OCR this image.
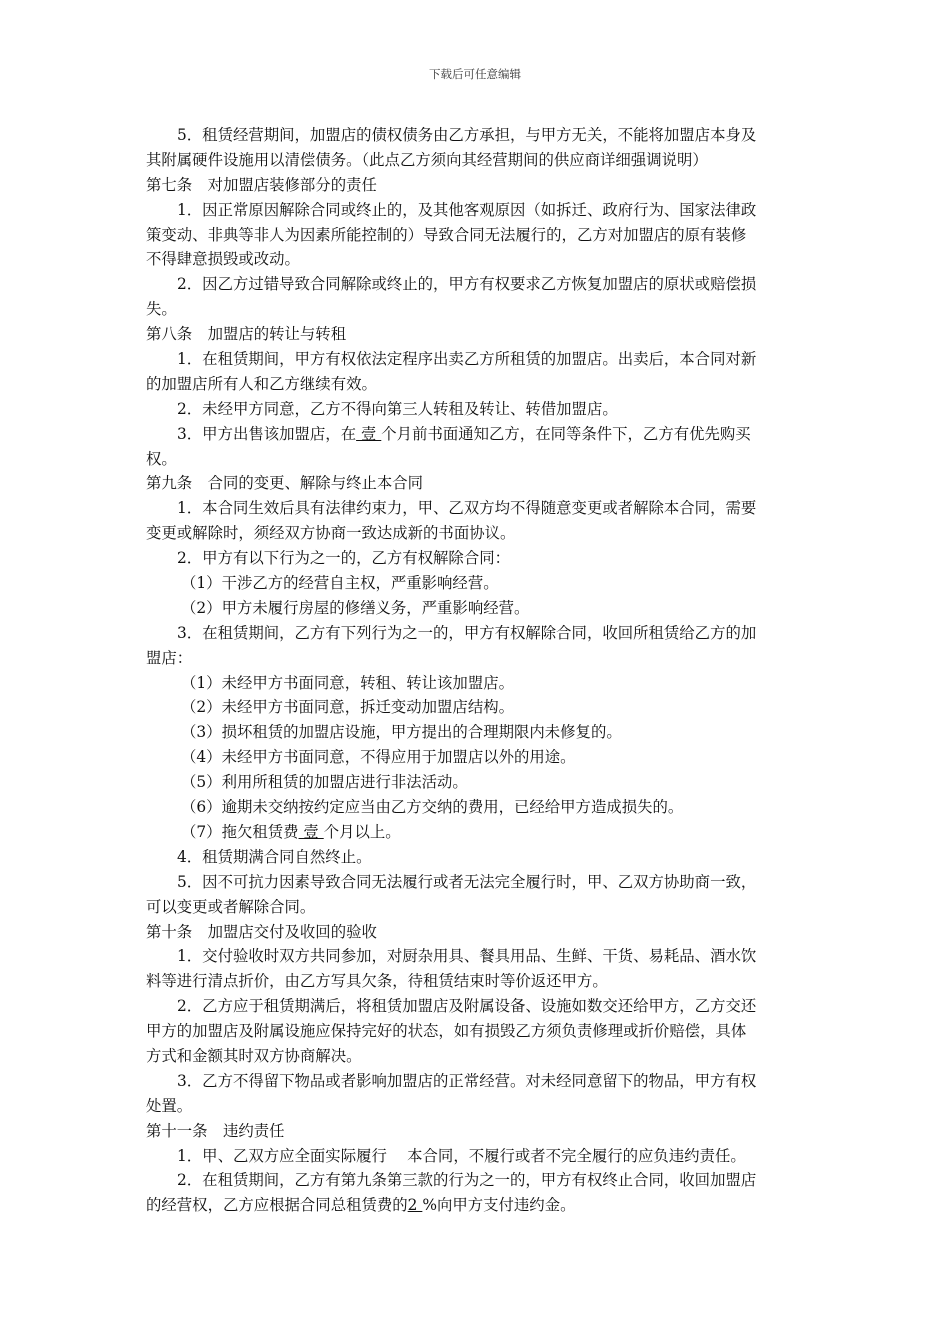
下载后可任意编辑
5．租赁经营期间，加盟店的债权债务由乙方承担，与甲方无关，不能将加盟店本身及
其附属硬件设施用以清偿债务。（此点乙方须向其经营期间的供应商详细强调说明）
第七条　对加盟店装修部分的责任
1．因正常原因解除合同或终止的，及其他客观原因（如拆迁、政府行为、国家法律政
策变动、非典等非人为因素所能控制的）导致合同无法履行的，乙方对加盟店的原有装修
不得肆意损毁或改动。
2．因乙方过错导致合同解除或终止的，甲方有权要求乙方恢复加盟店的原状或赔偿损
失。
第八条　加盟店的转让与转租
1．在租赁期间，甲方有权依法定程序出卖乙方所租赁的加盟店。出卖后，本合同对新
的加盟店所有人和乙方继续有效。
2．未经甲方同意，乙方不得向第三人转租及转让、转借加盟店。
3．甲方出售该加盟店，在 壹 个月前书面通知乙方，在同等条件下，乙方有优先购买
权。
第九条　合同的变更、解除与终止本合同
1．本合同生效后具有法律约束力，甲、乙双方均不得随意变更或者解除本合同，需要
变更或解除时，须经双方协商一致达成新的书面协议。
2．甲方有以下行为之一的，乙方有权解除合同：
（1）干涉乙方的经营自主权，严重影响经营。
（2）甲方未履行房屋的修缮义务，严重影响经营。
3．在租赁期间，乙方有下列行为之一的，甲方有权解除合同，收回所租赁给乙方的加
盟店：
（1）未经甲方书面同意，转租、转让该加盟店。
（2）未经甲方书面同意，拆迁变动加盟店结构。
（3）损坏租赁的加盟店设施，甲方提出的合理期限内未修复的。
（4）未经甲方书面同意，不得应用于加盟店以外的用途。
（5）利用所租赁的加盟店进行非法活动。
（6）逾期未交纳按约定应当由乙方交纳的费用，已经给甲方造成损失的。
（7）拖欠租赁费 壹 个月以上。
4．租赁期满合同自然终止。
5．因不可抗力因素导致合同无法履行或者无法完全履行时，甲、乙双方协助商一致，
可以变更或者解除合同。
第十条　加盟店交付及收回的验收
1．交付验收时双方共同参加，对厨杂用具、餐具用品、生鲜、干货、易耗品、酒水饮
料等进行清点折价，由乙方写具欠条，待租赁结束时等价返还甲方。
2．乙方应于租赁期满后，将租赁加盟店及附属设备、设施如数交还给甲方，乙方交还
甲方的加盟店及附属设施应保持完好的状态，如有损毁乙方须负责修理或折价赔偿，具体
方式和金额其时双方协商解决。
3．乙方不得留下物品或者影响加盟店的正常经营。对未经同意留下的物品，甲方有权
处置。
第十一条　违约责任
1．甲、乙双方应全面实际履行　 本合同，不履行或者不完全履行的应负违约责任。
2．在租赁期间，乙方有第九条第三款的行为之一的，甲方有权终止合同，收回加盟店
的经营权，乙方应根据合同总租赁费的2 %向甲方支付违约金。
